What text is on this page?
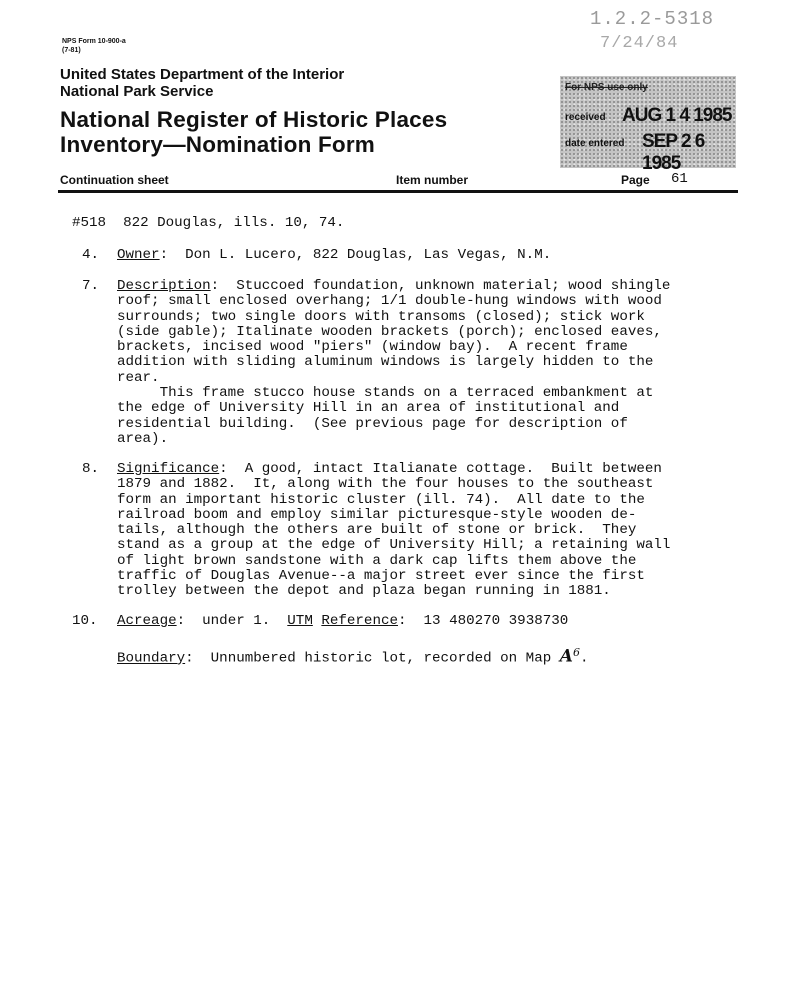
1.2.2-5318
7/24/84
NPS Form 10-900-a
(7-81)
United States Department of the Interior
National Park Service
National Register of Historic Places
Inventory—Nomination Form
For NPS use only
received AUG 1 4 1985
date entered SEP 2 6 1985
Continuation sheet	Item number	Page 61
#518  822 Douglas, ills. 10, 74.
4. Owner:  Don L. Lucero, 822 Douglas, Las Vegas, N.M.
7. Description:  Stuccoed foundation, unknown material; wood shingle
roof; small enclosed overhang; 1/1 double-hung windows with wood
surrounds; two single doors with transoms (closed); stick work
(side gable); Italinate wooden brackets (porch); enclosed eaves,
brackets, incised wood "piers" (window bay).  A recent frame
addition with sliding aluminum windows is largely hidden to the
rear.
This frame stucco house stands on a terraced embankment at
the edge of University Hill in an area of institutional and
residential building.  (See previous page for description of
area).
8. Significance:  A good, intact Italianate cottage.  Built between
1879 and 1882.  It, along with the four houses to the southeast
form an important historic cluster (ill. 74).  All date to the
railroad boom and employ similar picturesque-style wooden de-
tails, although the others are built of stone or brick.  They
stand as a group at the edge of University Hill; a retaining wall
of light brown sandstone with a dark cap lifts them above the
traffic of Douglas Avenue--a major street ever since the first
trolley between the depot and plaza began running in 1881.
10. Acreage:  under 1. UTM Reference:  13 480270 3938730
Boundary:  Unnumbered historic lot, recorded on Map $A^6$.
